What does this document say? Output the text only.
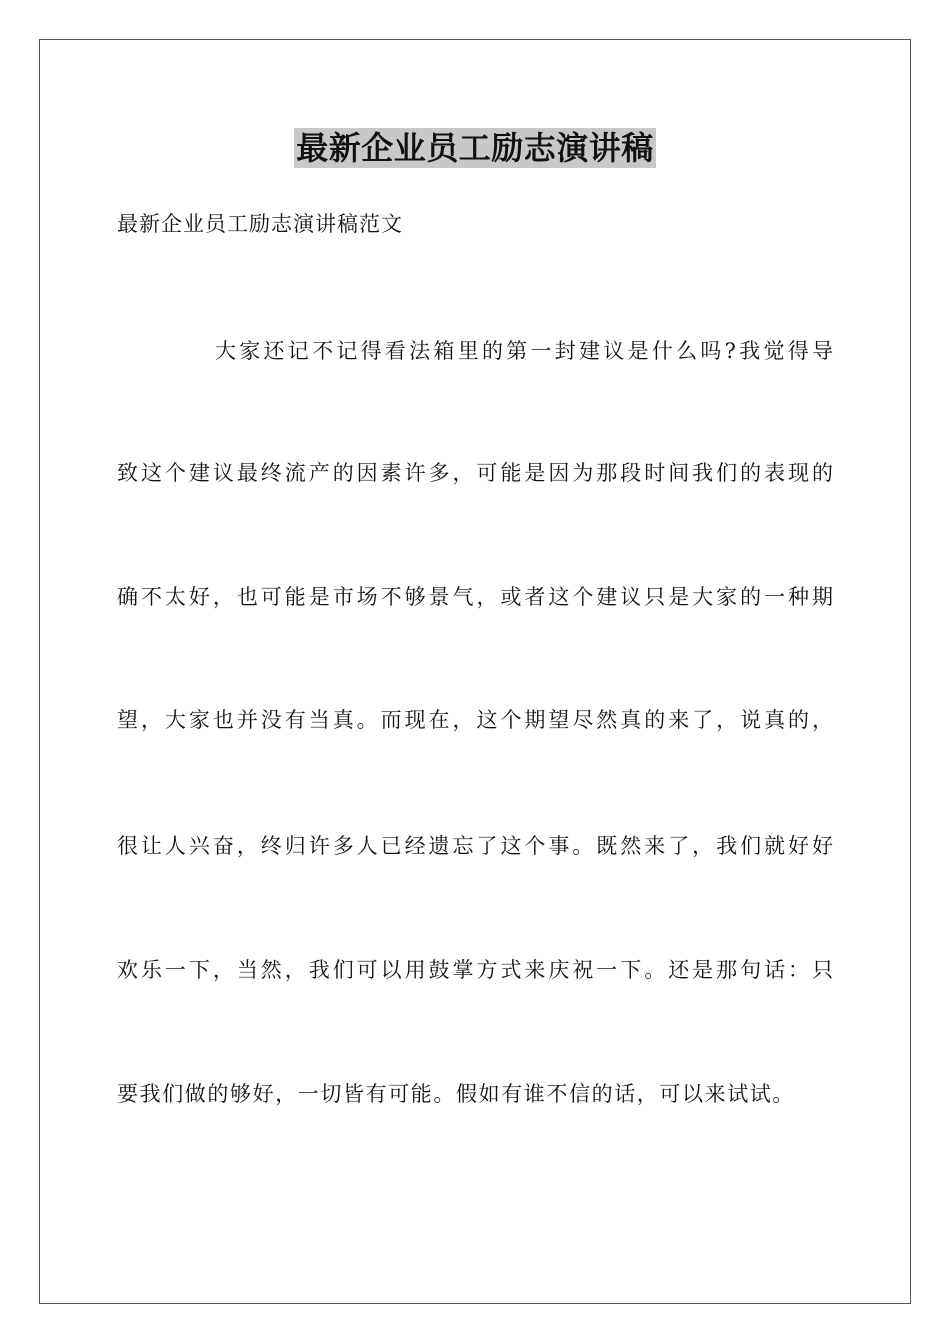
最新企业员工励志演讲稿
最新企业员工励志演讲稿范文
大家还记不记得看法箱里的第一封建议是什么吗?我觉得导
致这个建议最终流产的因素许多，可能是因为那段时间我们的表现的
确不太好，也可能是市场不够景气，或者这个建议只是大家的一种期
望，大家也并没有当真。而现在，这个期望尽然真的来了，说真的，
很让人兴奋，终归许多人已经遗忘了这个事。既然来了，我们就好好
欢乐一下，当然，我们可以用鼓掌方式来庆祝一下。还是那句话：只
要我们做的够好，一切皆有可能。假如有谁不信的话，可以来试试。
